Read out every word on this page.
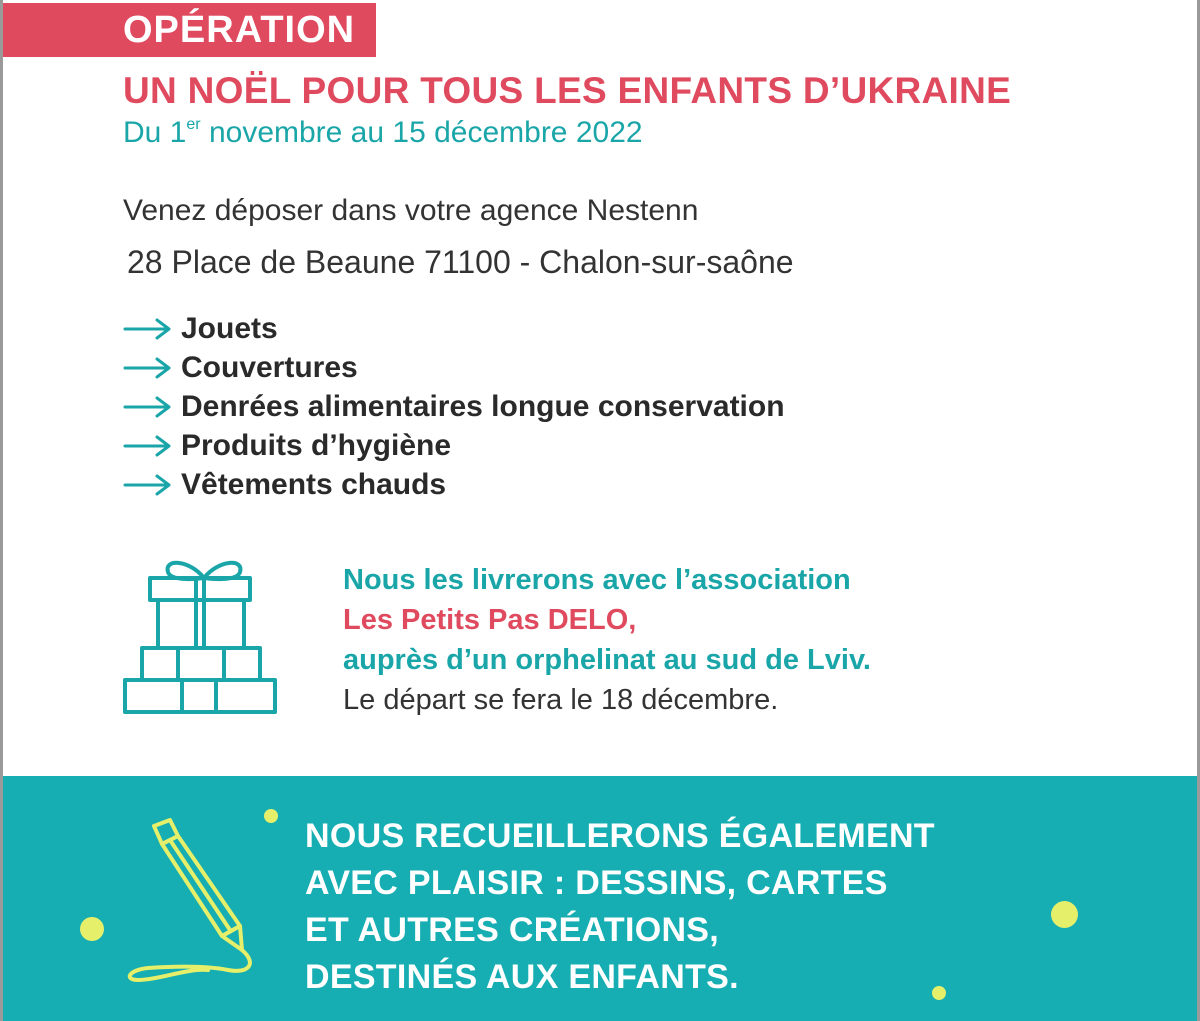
OPÉRATION
UN NOËL POUR TOUS LES ENFANTS D’UKRAINE
Du 1er novembre au 15 décembre 2022
Venez déposer dans votre agence Nestenn
28 Place de Beaune 71100 - Chalon-sur-saône
Jouets
Couvertures
Denrées alimentaires longue conservation
Produits d’hygiène
Vêtements chauds
Nous les livrerons avec l’association
Les Petits Pas DELO,
auprès d’un orphelinat au sud de Lviv.
Le départ se fera le 18 décembre.
NOUS RECUEILLERONS ÉGALEMENT
AVEC PLAISIR : DESSINS, CARTES
ET AUTRES CRÉATIONS,
DESTINÉS AUX ENFANTS.
